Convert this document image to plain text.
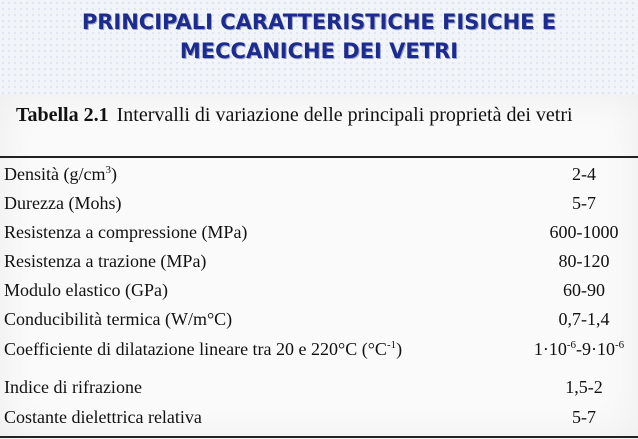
PRINCIPALI CARATTERISTICHE FISICHE E
MECCANICHE DEI VETRI
Tabella 2.1 Intervalli di variazione delle principali proprietà dei vetri
Densità $(g/cm^3)$	2-4
Durezza (Mohs)	5-7
Resistenza a compressione (MPa)	600-1000
Resistenza a trazione (MPa)	80-120
Modulo elastico (GPa)	60-90
Conducibilità termica (W/m°C)	0,7-1,4
Coefficiente di dilatazione lineare tra 20 e 220°C $(^\circ C^{-1})$	$1\cdot 10^{-6}-9\cdot 10^{-6}$
Indice di rifrazione	1,5-2
Costante dielettrica relativa	5-7
